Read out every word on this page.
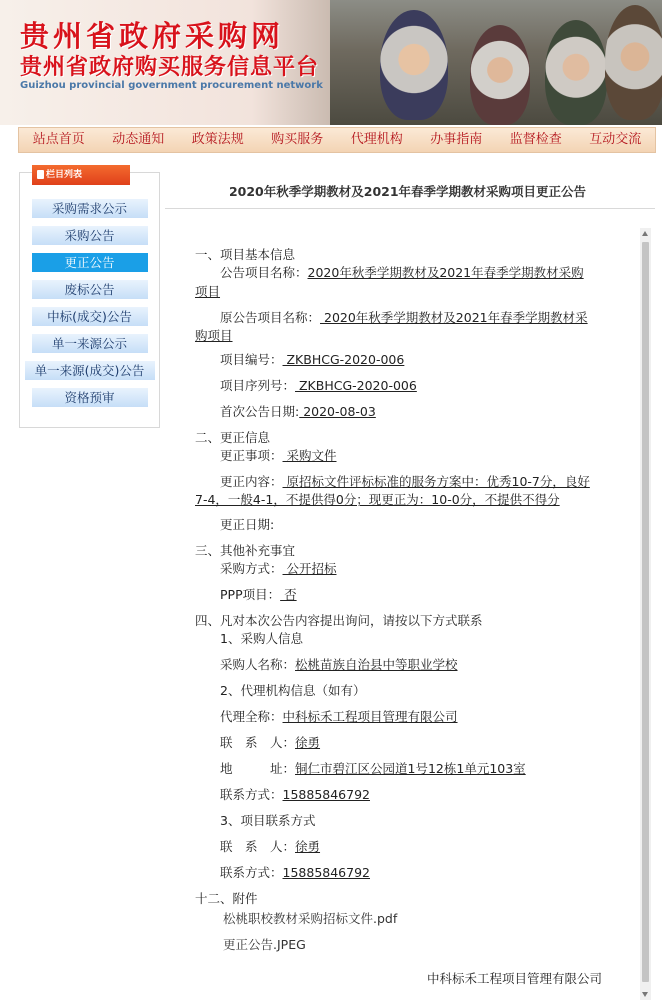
贵州省政府采购网
贵州省政府购买服务信息平台
Guizhou provincial government procurement network
站点首页 动态通知 政策法规 购买服务 代理机构 办事指南 监督检查 互动交流
栏目列表
采购需求公示
采购公告
更正公告
废标公告
中标(成交)公告
单一来源公示
单一来源(成交)公告
资格预审
2020年秋季学期教材及2021年春季学期教材采购项目更正公告
一、项目基本信息
公告项目名称：2020年秋季学期教材及2021年春季学期教材采购
项目
原公告项目名称： 2020年秋季学期教材及2021年春季学期教材采
购项目
项目编号： ZKBHCG-2020-006
项目序列号： ZKBHCG-2020-006
首次公告日期: 2020-08-03
二、更正信息
更正事项： 采购文件
更正内容： 原招标文件评标标准的服务方案中：优秀10-7分，良好
7-4，一般4-1，不提供得0分；现更正为：10-0分，不提供不得分
更正日期:
三、其他补充事宜
采购方式： 公开招标
PPP项目： 否
四、凡对本次公告内容提出询问，请按以下方式联系
1、采购人信息
采购人名称：松桃苗族自治县中等职业学校
2、代理机构信息（如有）
代理全称：中科标禾工程项目管理有限公司
联　系　人：徐勇
地　　　址：铜仁市碧江区公园道1号12栋1单元103室
联系方式：15885846792
3、项目联系方式
联　系　人：徐勇
联系方式：15885846792
十二、附件
松桃职校教材采购招标文件.pdf
更正公告.JPEG
中科标禾工程项目管理有限公司
